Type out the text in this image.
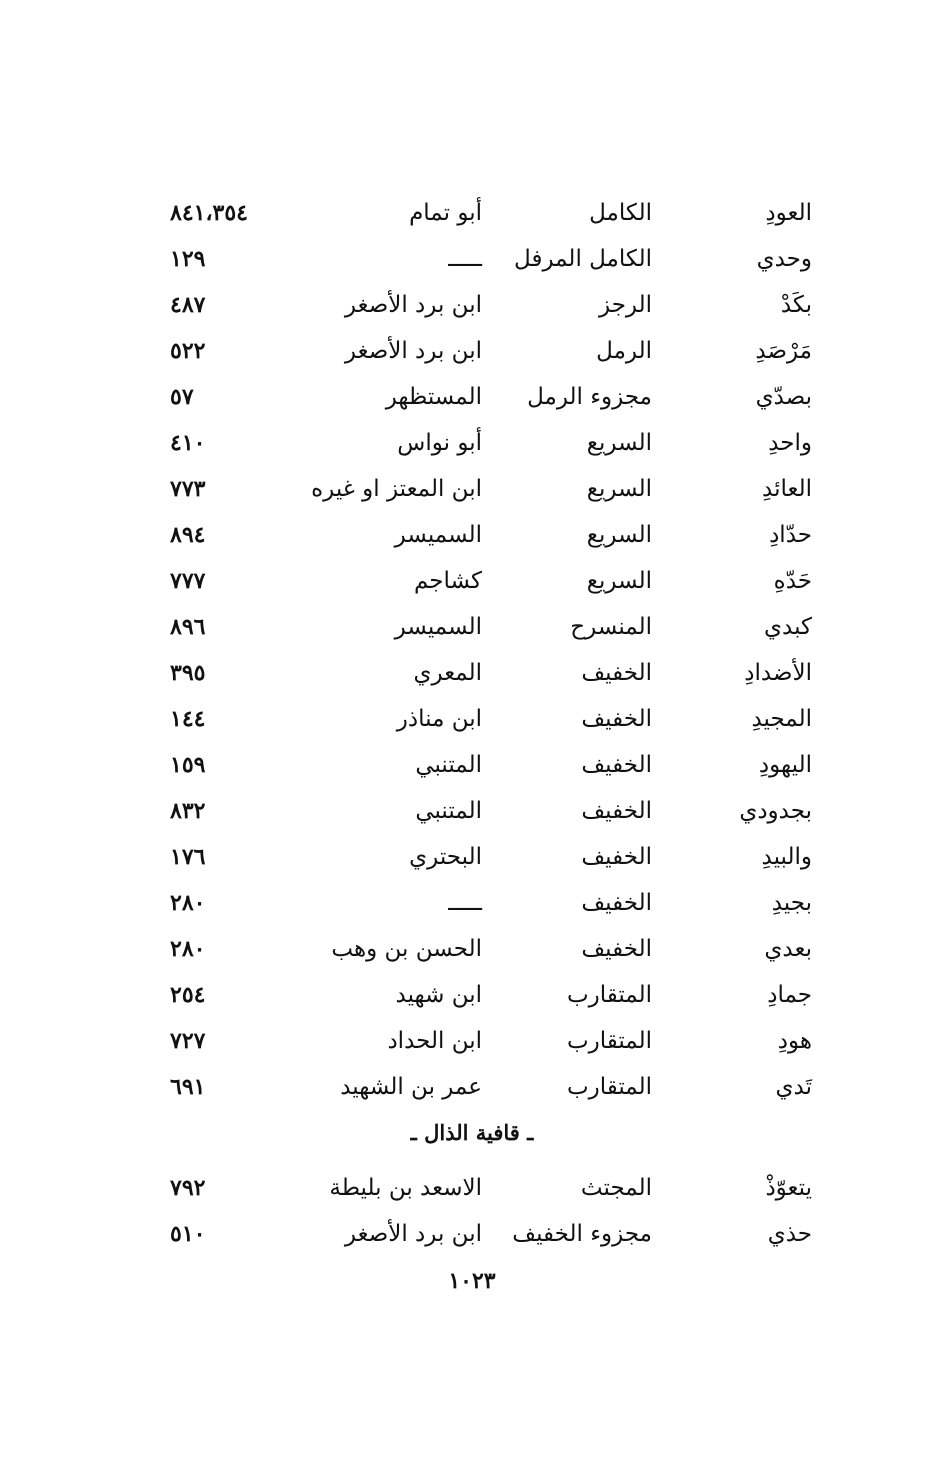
العودِ
الكامل
أبو تمام
٨٤١،٣٥٤
وحدي
الكامل المرفل
ـــــ
١٢٩
بكَدْ
الرجز
ابن برد الأصغر
٤٨٧
مَرْصَدِ
الرمل
ابن برد الأصغر
٥٢٢
بصدّي
مجزوء الرمل
المستظهر
٥٧
واحدِ
السريع
أبو نواس
٤١٠
العائدِ
السريع
ابن المعتز او غيره
٧٧٣
حدّادِ
السريع
السميسر
٨٩٤
حَدّهِ
السريع
كشاجم
٧٧٧
كبدي
المنسرح
السميسر
٨٩٦
الأضدادِ
الخفيف
المعري
٣٩٥
المجيدِ
الخفيف
ابن مناذر
١٤٤
اليهودِ
الخفيف
المتنبي
١٥٩
بجدودي
الخفيف
المتنبي
٨٣٢
والبيدِ
الخفيف
البحتري
١٧٦
بجيدِ
الخفيف
ـــــ
٢٨٠
بعدي
الخفيف
الحسن بن وهب
٢٨٠
جمادِ
المتقارب
ابن شهيد
٢٥٤
هودِ
المتقارب
ابن الحداد
٧٢٧
تَدي
المتقارب
عمر بن الشهيد
٦٩١
ـ قافية الذال ـ
يتعوّذْ
المجتث
الاسعد بن بليطة
٧٩٢
حذي
مجزوء الخفيف
ابن برد الأصغر
٥١٠
١٠٢٣
